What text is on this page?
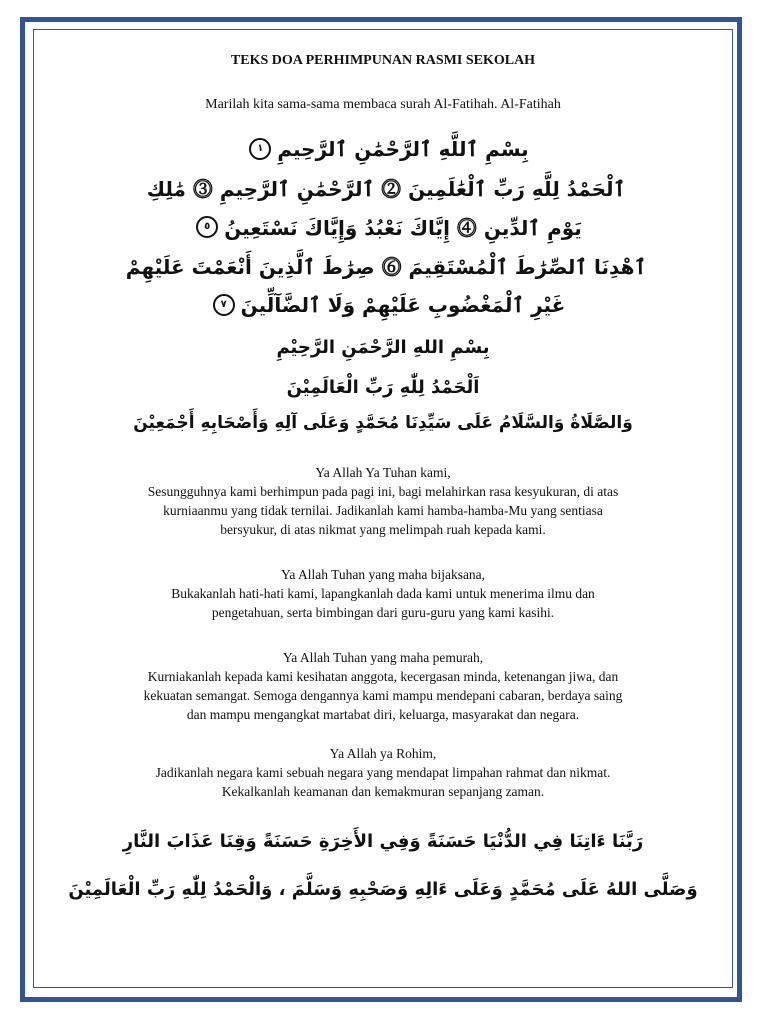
TEKS DOA PERHIMPUNAN RASMI SEKOLAH
Marilah kita sama-sama membaca surah Al-Fatihah. Al-Fatihah
بِسْمِ ٱللَّهِ ٱلرَّحْمَٰنِ ٱلرَّحِيمِ
١
ٱلْحَمْدُ لِلَّهِ رَبِّ ٱلْعَٰلَمِينَ ⓶ ٱلرَّحْمَٰنِ ٱلرَّحِيمِ ⓷ مَٰلِكِ
يَوْمِ ٱلدِّينِ ⓸ إِيَّاكَ نَعْبُدُ وَإِيَّاكَ نَسْتَعِينُ
٥
ٱهْدِنَا ٱلصِّرَٰطَ ٱلْمُسْتَقِيمَ ⓺ صِرَٰطَ ٱلَّذِينَ أَنْعَمْتَ عَلَيْهِمْ
غَيْرِ ٱلْمَغْضُوبِ عَلَيْهِمْ وَلَا ٱلضَّآلِّينَ
٧
بِسْمِ اللهِ الرَّحْمَنِ الرَّحِيْمِ
اَلْحَمْدُ لِلّٰهِ رَبِّ الْعَالَمِيْنَ
وَالصَّلَاةُ وَالسَّلَامُ عَلَى سَيِّدِنَا مُحَمَّدٍ وَعَلَى آلِهِ وَأَصْحَابِهِ أَجْمَعِيْنَ
Ya Allah Ya Tuhan kami,
Sesungguhnya kami berhimpun pada pagi ini, bagi melahirkan rasa kesyukuran, di atas
kurniaanmu yang tidak ternilai. Jadikanlah kami hamba-hamba-Mu yang sentiasa
bersyukur, di atas nikmat yang melimpah ruah kepada kami.
Ya Allah Tuhan yang maha bijaksana,
Bukakanlah hati-hati kami, lapangkanlah dada kami untuk menerima ilmu dan
pengetahuan, serta bimbingan dari guru-guru yang kami kasihi.
Ya Allah Tuhan yang maha pemurah,
Kurniakanlah kepada kami kesihatan anggota, kecergasan minda, ketenangan jiwa, dan
kekuatan semangat. Semoga dengannya kami mampu mendepani cabaran, berdaya saing
dan mampu mengangkat martabat diri, keluarga, masyarakat dan negara.
Ya Allah ya Rohim,
Jadikanlah negara kami sebuah negara yang mendapat limpahan rahmat dan nikmat.
Kekalkanlah keamanan dan kemakmuran sepanjang zaman.
رَبَّنَا ءَاتِنَا فِي الدُّنْيَا حَسَنَةً وَفِي الأَخِرَةِ حَسَنَةً وَقِنَا عَذَابَ النَّارِ
وَصَلَّى اللهُ عَلَى مُحَمَّدٍ وَعَلَى ءَالِهِ وَصَحْبِهِ وَسَلَّمَ ، وَالْحَمْدُ لِلّٰهِ رَبِّ الْعَالَمِيْنَ
